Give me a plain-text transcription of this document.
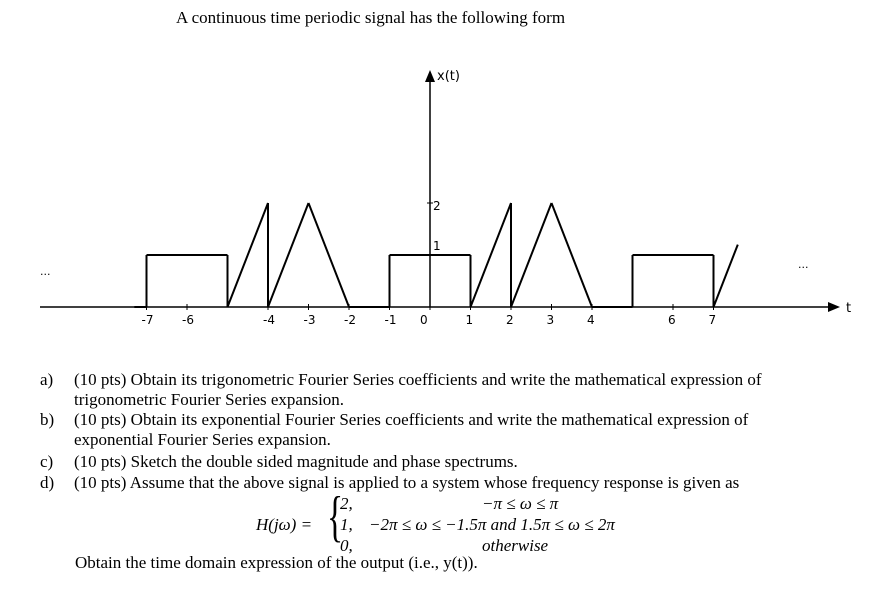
A continuous time periodic signal has the following form
-7 -6	-4 -3 -2 -1 0	1	2	3	4	6	7
x(t)
t
...
...
2
1
a) (10 pts) Obtain its trigonometric Fourier Series coefficients and write the mathematical expression of
trigonometric Fourier Series expansion.
b) (10 pts) Obtain its exponential Fourier Series coefficients and write the mathematical expression of
exponential Fourier Series expansion.
c) (10 pts) Sketch the double sided magnitude and phase spectrums.
d) (10 pts) Assume that the above signal is applied to a system whose frequency response is given as
H(jω) = {
2,	−π ≤ ω ≤ π
1, −2π ≤ ω ≤ −1.5π and 1.5π ≤ ω ≤ 2π
0,	otherwise
Obtain the time domain expression of the output (i.e., y(t)).
